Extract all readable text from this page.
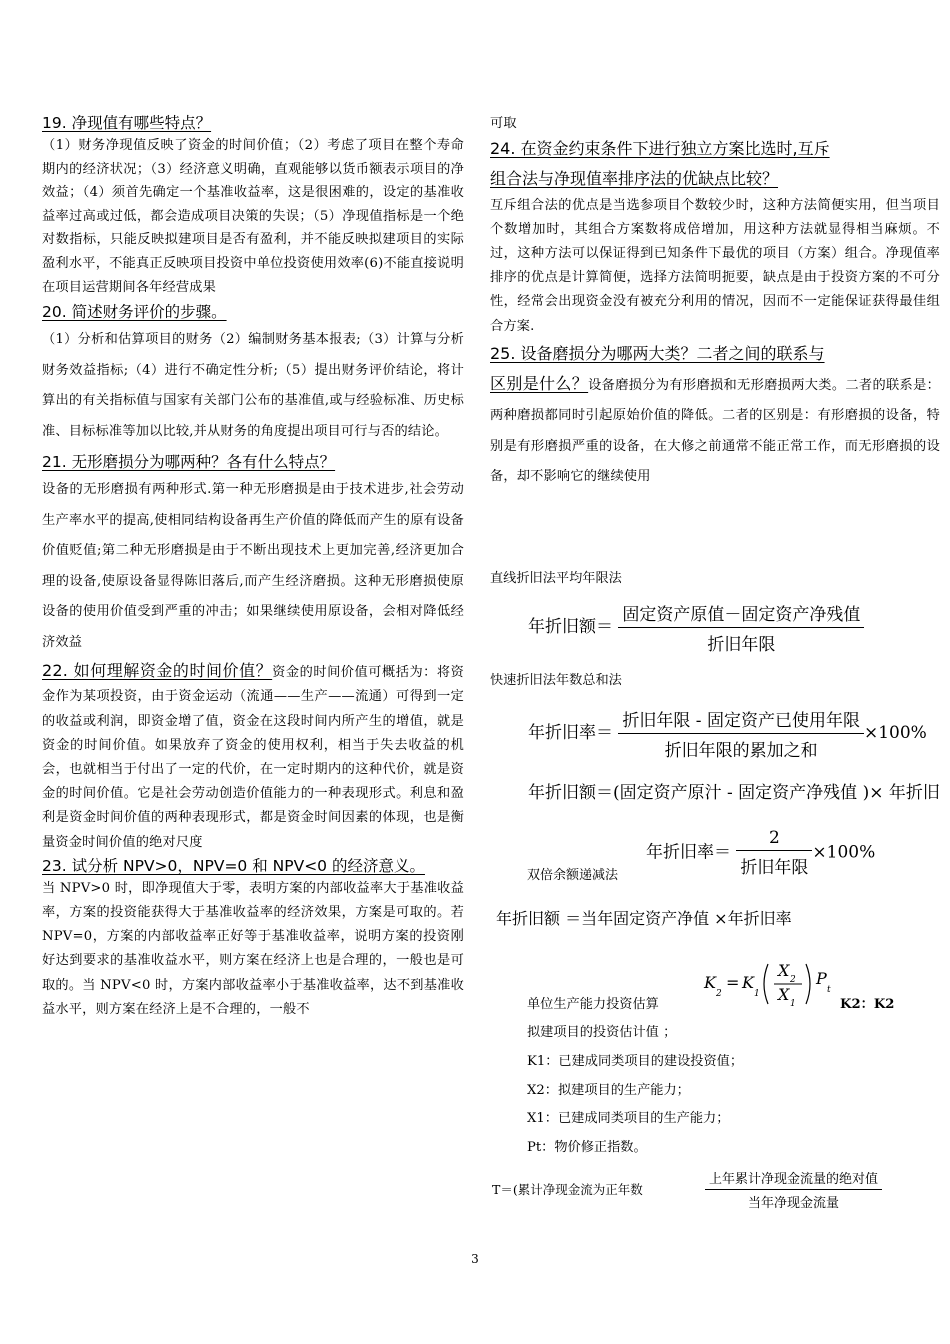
19. 净现值有哪些特点？

（1）财务净现值反映了资金的时间价值；（2）考虑了项目在整个寿命期内的经济状况；（3）经济意义明确，直观能够以货币额表示项目的净效益；（4）须首先确定一个基准收益率，这是很困难的，设定的基准收益率过高或过低，都会造成项目决策的失误；（5）净现值指标是一个绝对数指标，只能反映拟建项目是否有盈利，并不能反映拟建项目的实际盈利水平，不能真正反映项目投资中单位投资使用效率(6)不能直接说明在项目运营期间各年经营成果

20. 简述财务评价的步骤。

（1）分析和估算项目的财务（2）编制财务基本报表;（3）计算与分析财务效益指标;（4）进行不确定性分析;（5）提出财务评价结论，将计算出的有关指标值与国家有关部门公布的基准值,或与经验标准、历史标准、目标标准等加以比较,并从财务的角度提出项目可行与否的结论。

21. 无形磨损分为哪两种？各有什么特点？

设备的无形磨损有两种形式.第一种无形磨损是由于技术进步,社会劳动生产率水平的提高,使相同结构设备再生产价值的降低而产生的原有设备价值贬值;第二种无形磨损是由于不断出现技术上更加完善,经济更加合理的设备,使原设备显得陈旧落后,而产生经济磨损。这种无形磨损使原设备的使用价值受到严重的冲击；如果继续使用原设备，会相对降低经济效益

22. 如何理解资金的时间价值？资金的时间价值可概括为：将资金作为某项投资，由于资金运动（流通——生产——流通）可得到一定的收益或利润，即资金增了值，资金在这段时间内所产生的增值，就是资金的时间价值。如果放弃了资金的使用权利，相当于失去收益的机会，也就相当于付出了一定的代价，在一定时期内的这种代价，就是资金的时间价值。它是社会劳动创造价值能力的一种表现形式。利息和盈利是资金时间价值的两种表现形式，都是资金时间因素的体现，也是衡量资金时间价值的绝对尺度

23. 试分析 NPV>0，NPV=0 和 NPV<0 的经济意义。

当 NPV>0 时，即净现值大于零，表明方案的内部收益率大于基准收益率，方案的投资能获得大于基准收益率的经济效果，方案是可取的。若 NPV=0，方案的内部收益率正好等于基准收益率，说明方案的投资刚好达到要求的基准收益水平，则方案在经济上也是合理的，一般也是可取的。当 NPV<0 时，方案内部收益率小于基准收益率，达不到基准收益水平，则方案在经济上是不合理的，一般不

可取

24. 在资金约束条件下进行独立方案比选时,互斥

组合法与净现值率排序法的优缺点比较？

互斥组合法的优点是当选参项目个数较少时，这种方法简便实用，但当项目个数增加时，其组合方案数将成倍增加，用这种方法就显得相当麻烦。不过，这种方法可以保证得到已知条件下最优的项目（方案）组合。净现值率排序的优点是计算简便，选择方法简明扼要，缺点是由于投资方案的不可分性，经常会出现资金没有被充分利用的情况，因而不一定能保证获得最佳组合方案.

25. 设备磨损分为哪两大类？二者之间的联系与

区别是什么？设备磨损分为有形磨损和无形磨损两大类。二者的联系是：两种磨损都同时引起原始价值的降低。二者的区别是：有形磨损的设备，特别是有形磨损严重的设备，在大修之前通常不能正常工作，而无形磨损的设备，却不影响它的继续使用

直线折旧法平均年限法
年折旧额＝ $\frac{\text{固定资产原值－固定资产净残值}}{\text{折旧年限}}$
快速折旧法年数总和法
年折旧率＝ $\frac{\text{折旧年限 - 固定资产已使用年限}}{\text{折旧年限的累加之和}} \times 100\%$
年折旧额＝(固定资产原汁 - 固定资产净残值 )× 年折旧
年折旧率＝ $\frac{2}{\text{折旧年限}} \times 100\%$
双倍余额递减法
年折旧额 ＝当年固定资产净值 ×年折旧率
K
2
= K
1
X 2
X 1
P
t
单位生产能力投资估算	K2：K2
拟建项目的投资估计值 ；
K1：已建成同类项目的建设投资值；
X2：拟建项目的生产能力；
X1：已建成同类项目的生产能力；
Pt：物价修正指数。
T＝(累计净现金流为正年数	$\frac{\text{上年累计净现金流量的绝对值}}{\text{当年净现金流量}}$
3
